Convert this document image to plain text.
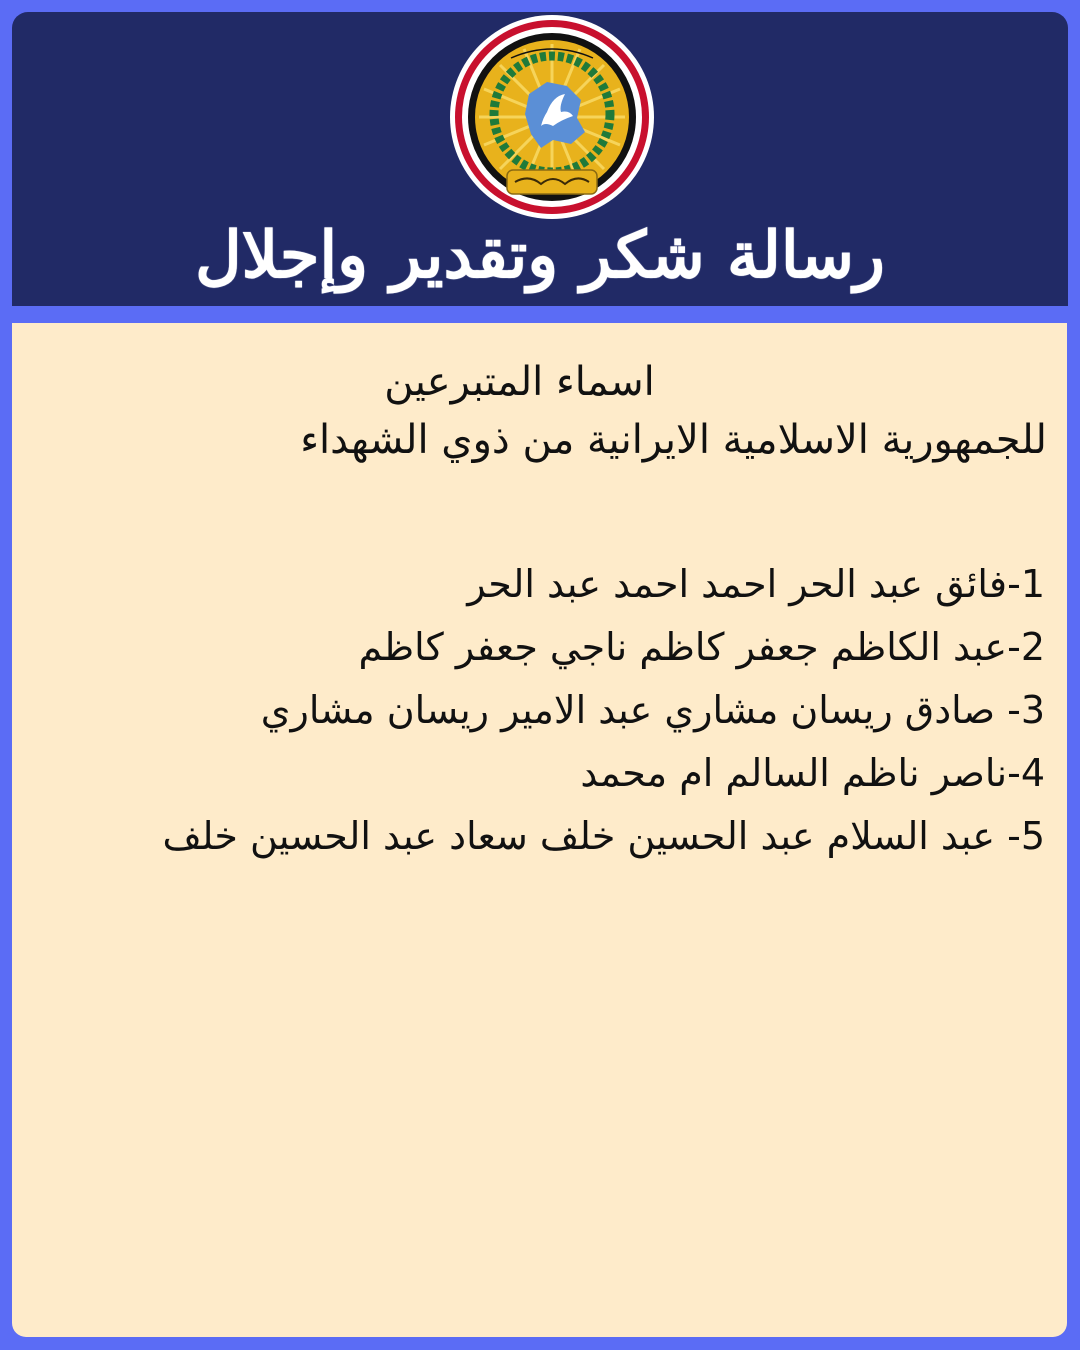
رسالة شكر وتقدير وإجلال
اسماء المتبرعين
للجمهورية الاسلامية الايرانية من ذوي الشهداء
1-فائق عبد الحر احمد احمد عبد الحر
2-عبد الكاظم جعفر كاظم ناجي جعفر كاظم
3- صادق ريسان مشاري عبد الامير ريسان مشاري
4-ناصر ناظم السالم ام محمد
5- عبد السلام عبد الحسين خلف سعاد عبد الحسين خلف
